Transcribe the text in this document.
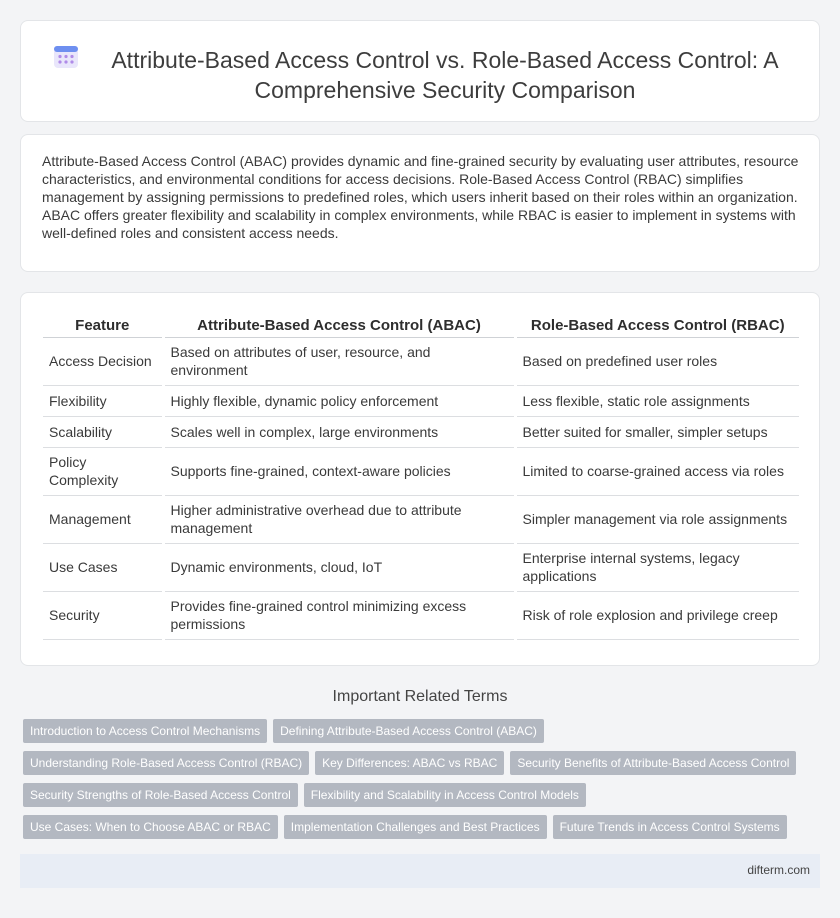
Attribute-Based Access Control vs. Role-Based Access Control: A Comprehensive Security Comparison

Attribute-Based Access Control (ABAC) provides dynamic and fine-grained security by evaluating user attributes, resource characteristics, and environmental conditions for access decisions. Role-Based Access Control (RBAC) simplifies management by assigning permissions to predefined roles, which users inherit based on their roles within an organization. ABAC offers greater flexibility and scalability in complex environments, while RBAC is easier to implement in systems with well-defined roles and consistent access needs.

Feature	Attribute-Based Access Control (ABAC)	Role-Based Access Control (RBAC)
Access Decision	Based on attributes of user, resource, and environment	Based on predefined user roles
Flexibility	Highly flexible, dynamic policy enforcement	Less flexible, static role assignments
Scalability	Scales well in complex, large environments	Better suited for smaller, simpler setups
Policy Complexity	Supports fine-grained, context-aware policies	Limited to coarse-grained access via roles
Management	Higher administrative overhead due to attribute management	Simpler management via role assignments
Use Cases	Dynamic environments, cloud, IoT	Enterprise internal systems, legacy applications
Security	Provides fine-grained control minimizing excess permissions	Risk of role explosion and privilege creep
Important Related Terms
Introduction to Access Control Mechanisms Defining Attribute-Based Access Control (ABAC)
Understanding Role-Based Access Control (RBAC) Key Differences: ABAC vs RBAC Security Benefits of Attribute-Based Access Control
Security Strengths of Role-Based Access Control Flexibility and Scalability in Access Control Models
Use Cases: When to Choose ABAC or RBAC Implementation Challenges and Best Practices Future Trends in Access Control Systems
difterm.com
